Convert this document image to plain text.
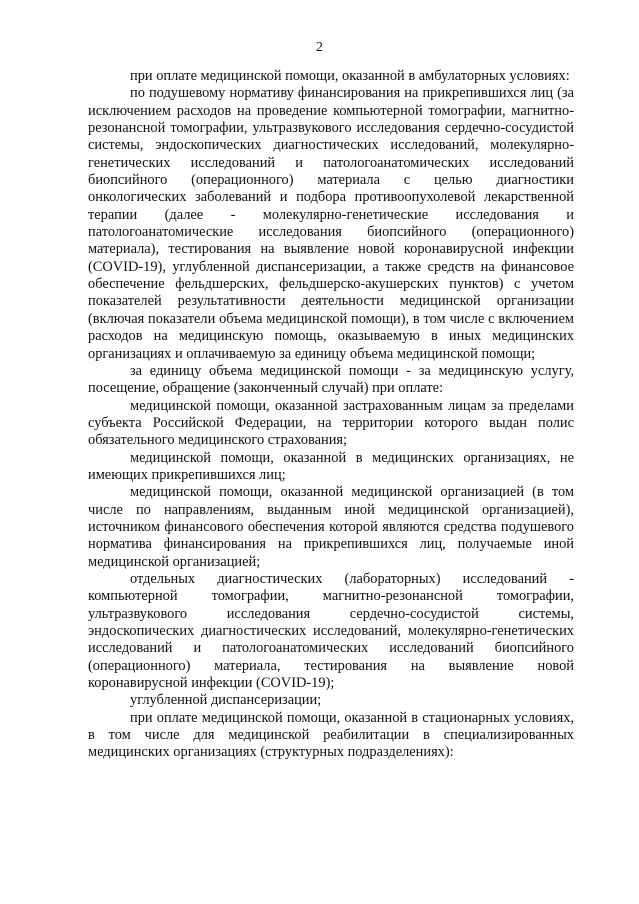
2

при оплате медицинской помощи, оказанной в амбулаторных условиях:

по подушевому нормативу финансирования на прикрепившихся лиц (за исключением расходов на проведение компьютерной томографии, магнитно-резонансной томографии, ультразвукового исследования сердечно-сосудистой системы, эндоскопических диагностических исследований, молекулярно-генетических исследований и патологоанатомических исследований биопсийного (операционного) материала с целью диагностики онкологических заболеваний и подбора противоопухолевой лекарственной терапии (далее - молекулярно-генетические исследования и патологоанатомические исследования биопсийного (операционного) материала), тестирования на выявление новой коронавирусной инфекции (COVID-19), углубленной диспансеризации, а также средств на финансовое обеспечение фельдшерских, фельдшерско-акушерских пунктов) с учетом показателей результативности деятельности медицинской организации (включая показатели объема медицинской помощи), в том числе с включением расходов на медицинскую помощь, оказываемую в иных медицинских организациях и оплачиваемую за единицу объема медицинской помощи;

за единицу объема медицинской помощи - за медицинскую услугу, посещение, обращение (законченный случай) при оплате:

медицинской помощи, оказанной застрахованным лицам за пределами субъекта Российской Федерации, на территории которого выдан полис обязательного медицинского страхования;

медицинской помощи, оказанной в медицинских организациях, не имеющих прикрепившихся лиц;

медицинской помощи, оказанной медицинской организацией (в том числе по направлениям, выданным иной медицинской организацией), источником финансового обеспечения которой являются средства подушевого норматива финансирования на прикрепившихся лиц, получаемые иной медицинской организацией;

отдельных диагностических (лабораторных) исследований - компьютерной томографии, магнитно-резонансной томографии, ультразвукового исследования сердечно-сосудистой системы, эндоскопических диагностических исследований, молекулярно-генетических исследований и патологоанатомических исследований биопсийного (операционного) материала, тестирования на выявление новой коронавирусной инфекции (COVID-19);

углубленной диспансеризации;

при оплате медицинской помощи, оказанной в стационарных условиях, в том числе для медицинской реабилитации в специализированных медицинских организациях (структурных подразделениях):
